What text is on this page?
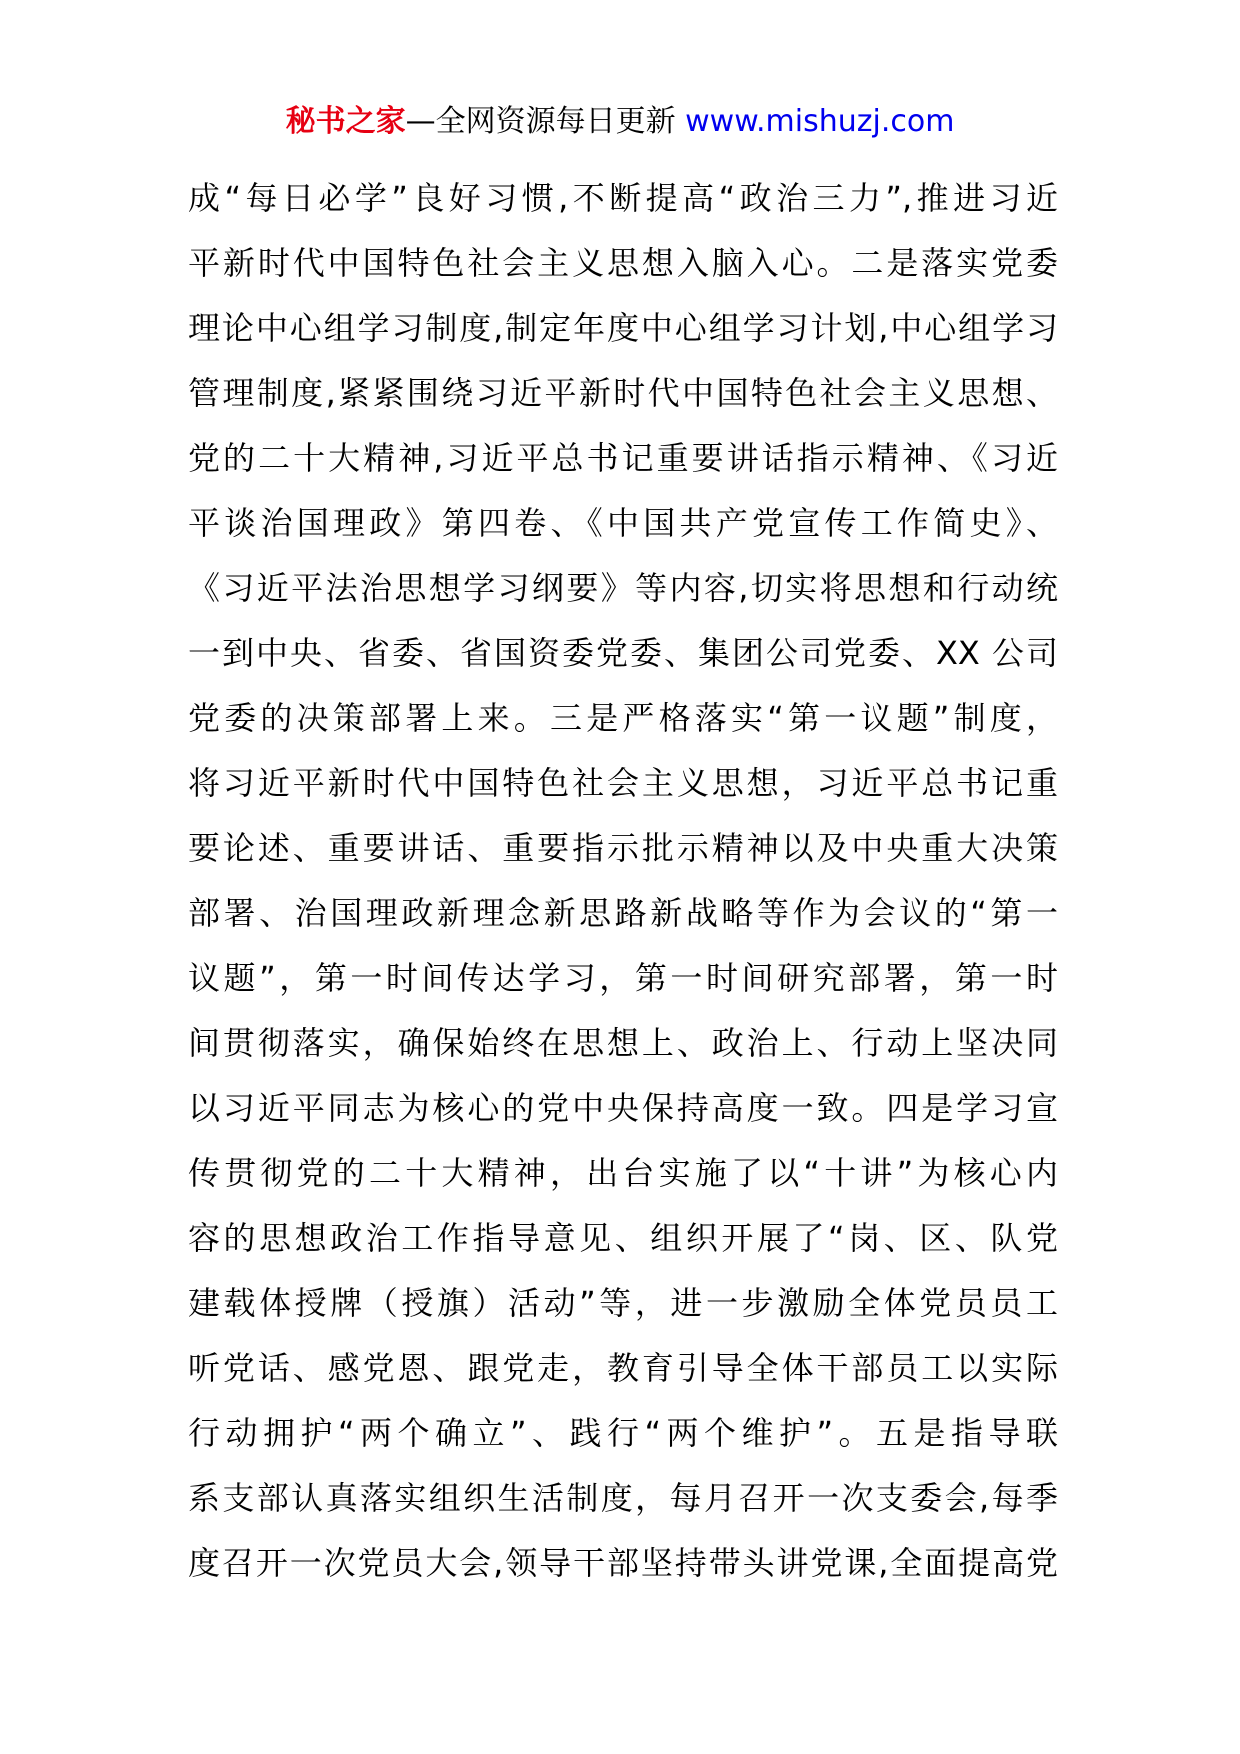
秘书之家—全网资源每日更新 www.mishuzj.com
成“每日必学”良好习惯,不断提高“政治三力”,推进习近
平新时代中国特色社会主义思想入脑入心。二是落实党委
理论中心组学习制度,制定年度中心组学习计划,中心组学习
管理制度,紧紧围绕习近平新时代中国特色社会主义思想、
党的二十大精神,习近平总书记重要讲话指示精神、《习近
平谈治国理政》第四卷、《中国共产党宣传工作简史》、
《习近平法治思想学习纲要》等内容,切实将思想和行动统
一到中央、省委、省国资委党委、集团公司党委、XX 公司
党委的决策部署上来。三是严格落实“第一议题”制度，
将习近平新时代中国特色社会主义思想，习近平总书记重
要论述、重要讲话、重要指示批示精神以及中央重大决策
部署、治国理政新理念新思路新战略等作为会议的“第一
议题”，第一时间传达学习，第一时间研究部署，第一时
间贯彻落实，确保始终在思想上、政治上、行动上坚决同
以习近平同志为核心的党中央保持高度一致。四是学习宣
传贯彻党的二十大精神，出台实施了以“十讲”为核心内
容的思想政治工作指导意见、组织开展了“岗、区、队党
建载体授牌（授旗）活动”等，进一步激励全体党员员工
听党话、感党恩、跟党走，教育引导全体干部员工以实际
行动拥护“两个确立”、践行“两个维护”。五是指导联
系支部认真落实组织生活制度，每月召开一次支委会,每季
度召开一次党员大会,领导干部坚持带头讲党课,全面提高党
